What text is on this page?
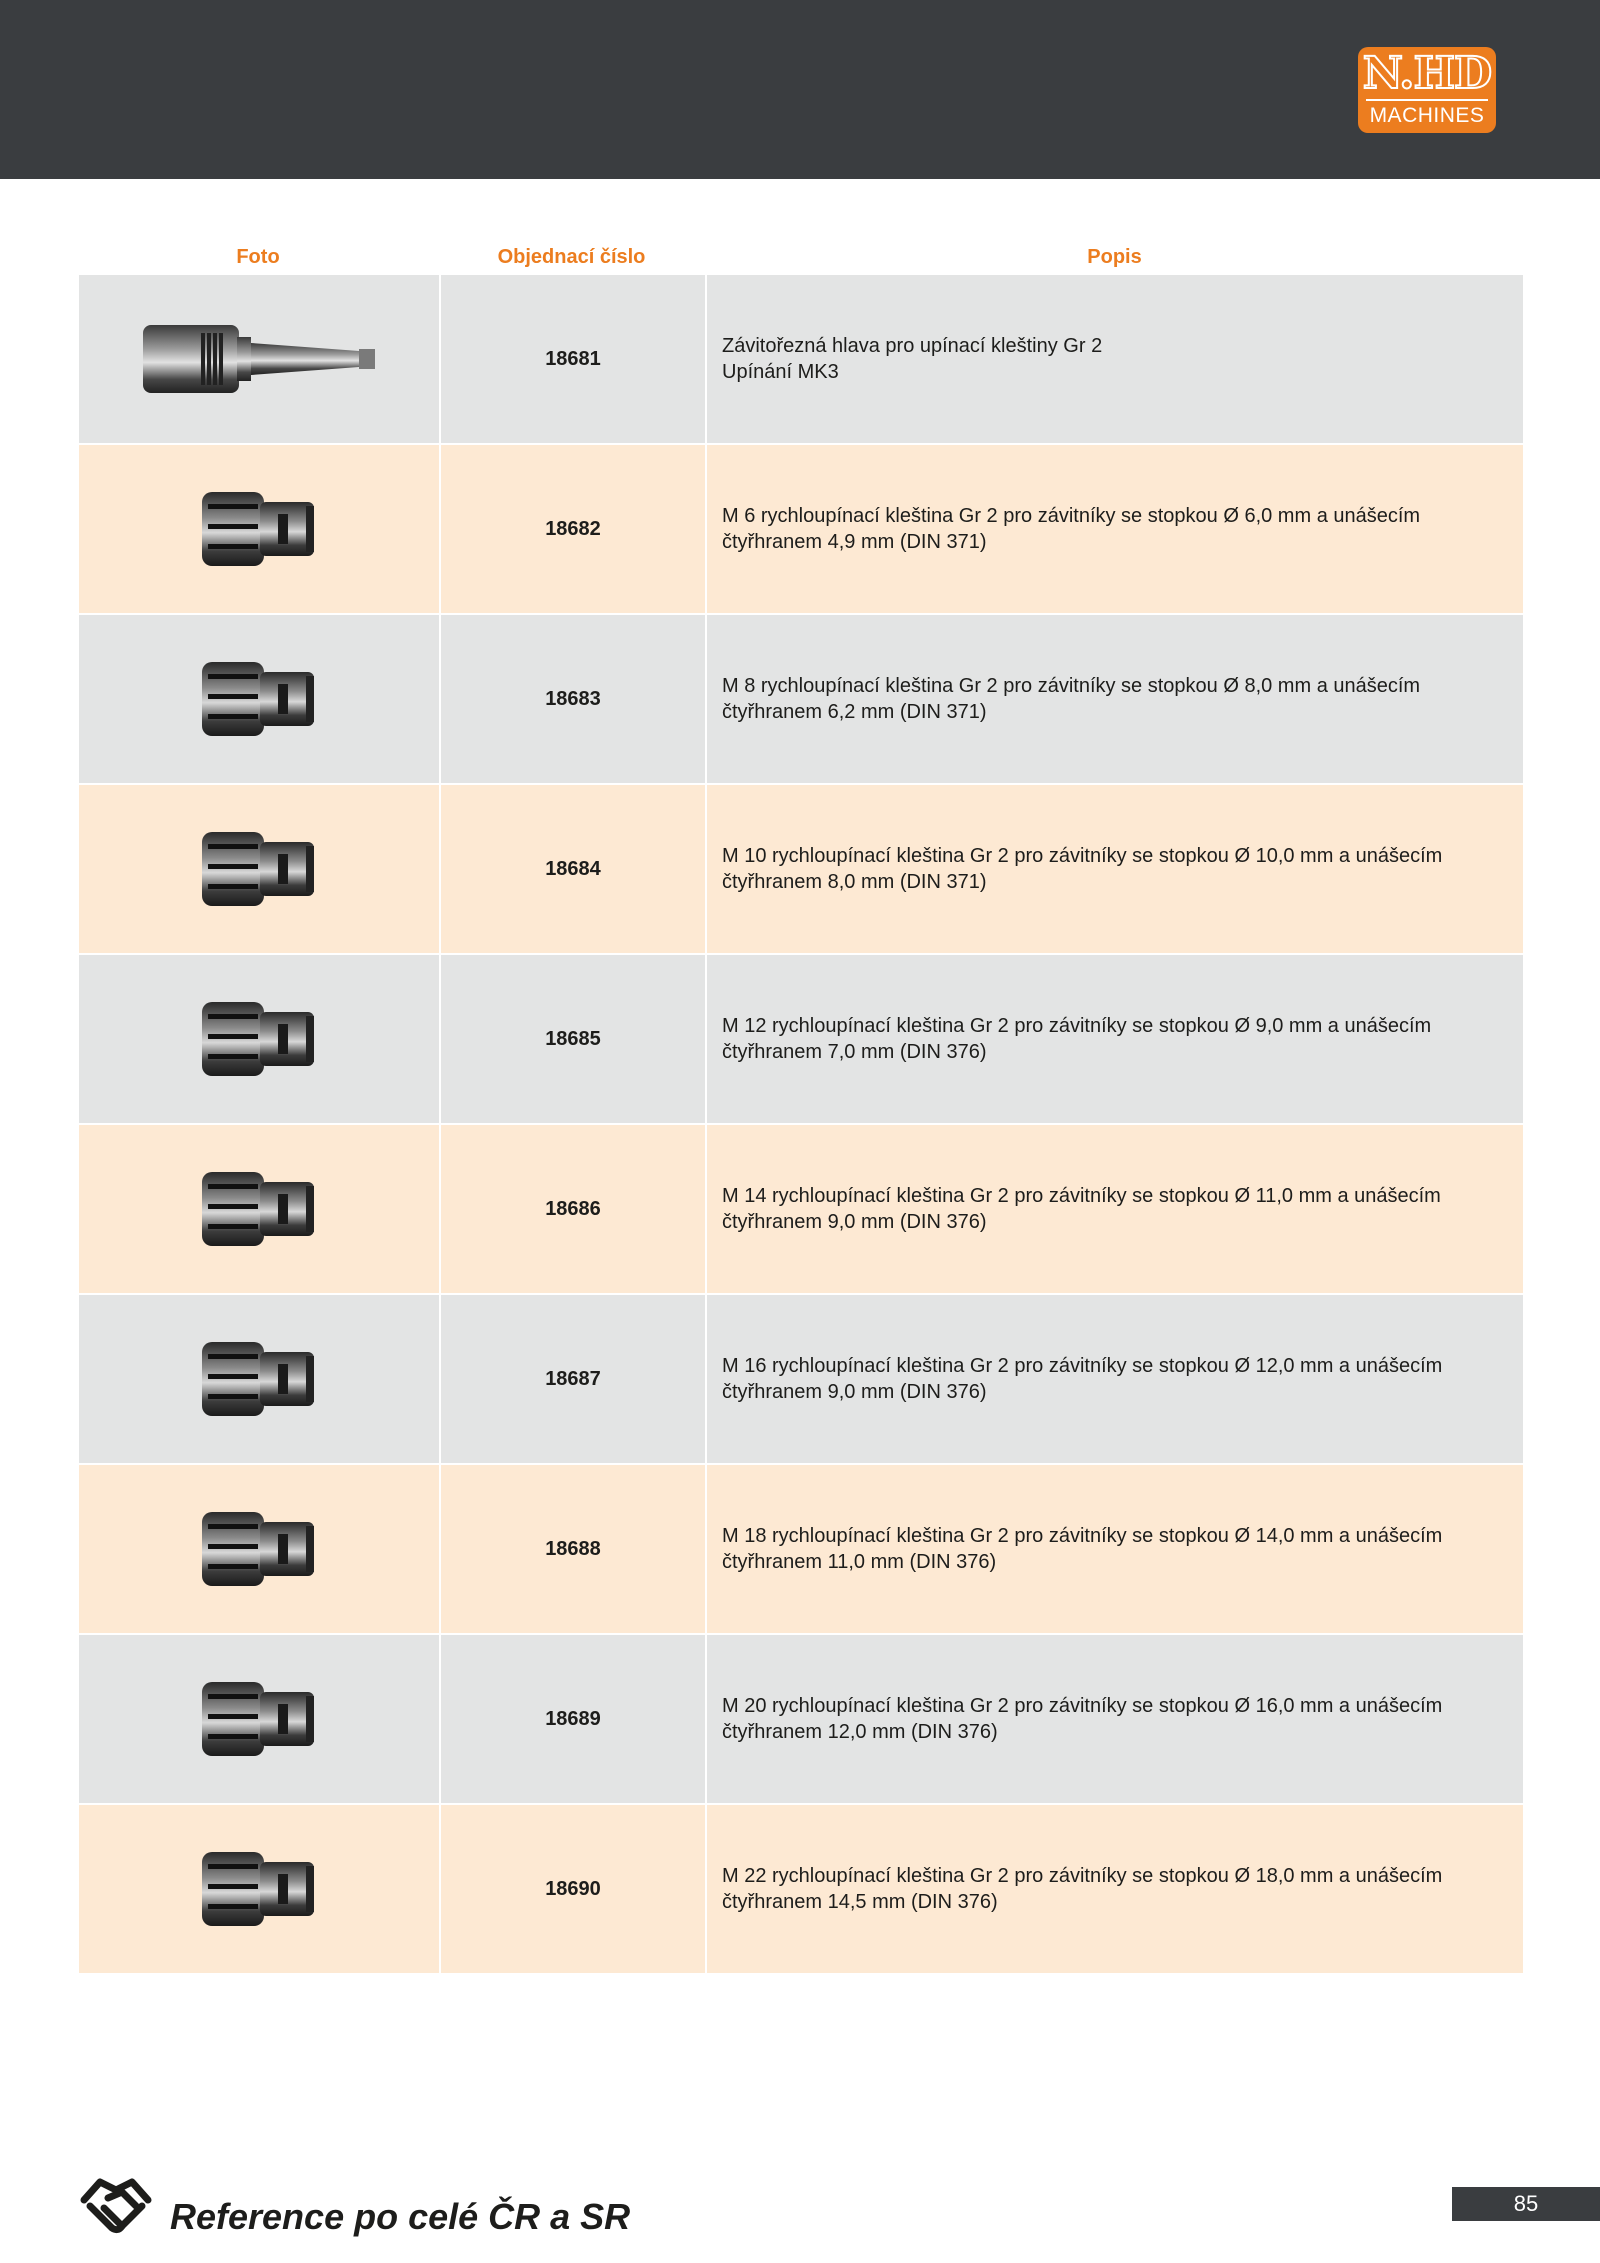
N.HD
MACHINES
Foto	Objednací číslo	Popis
18681
Závitořezná hlava pro upínací kleštiny Gr 2
Upínání MK3
18682
M 6 rychloupínací kleština Gr 2 pro závitníky se stopkou Ø 6,0 mm a unášecím
čtyřhranem 4,9 mm (DIN 371)
18683
M 8 rychloupínací kleština Gr 2 pro závitníky se stopkou Ø 8,0 mm a unášecím
čtyřhranem 6,2 mm (DIN 371)
18684
M 10 rychloupínací kleština Gr 2 pro závitníky se stopkou Ø 10,0 mm a unášecím
čtyřhranem 8,0 mm (DIN 371)
18685
M 12 rychloupínací kleština Gr 2 pro závitníky se stopkou Ø 9,0 mm a unášecím
čtyřhranem 7,0 mm (DIN 376)
18686
M 14 rychloupínací kleština Gr 2 pro závitníky se stopkou Ø 11,0 mm a unášecím
čtyřhranem 9,0 mm (DIN 376)
18687
M 16 rychloupínací kleština Gr 2 pro závitníky se stopkou Ø 12,0 mm a unášecím
čtyřhranem 9,0 mm (DIN 376)
18688
M 18 rychloupínací kleština Gr 2 pro závitníky se stopkou Ø 14,0 mm a unášecím
čtyřhranem 11,0 mm (DIN 376)
18689
M 20 rychloupínací kleština Gr 2 pro závitníky se stopkou Ø 16,0 mm a unášecím
čtyřhranem 12,0 mm (DIN 376)
18690
M 22 rychloupínací kleština Gr 2 pro závitníky se stopkou Ø 18,0 mm a unášecím
čtyřhranem 14,5 mm (DIN 376)
Reference po celé ČR a SR	85
